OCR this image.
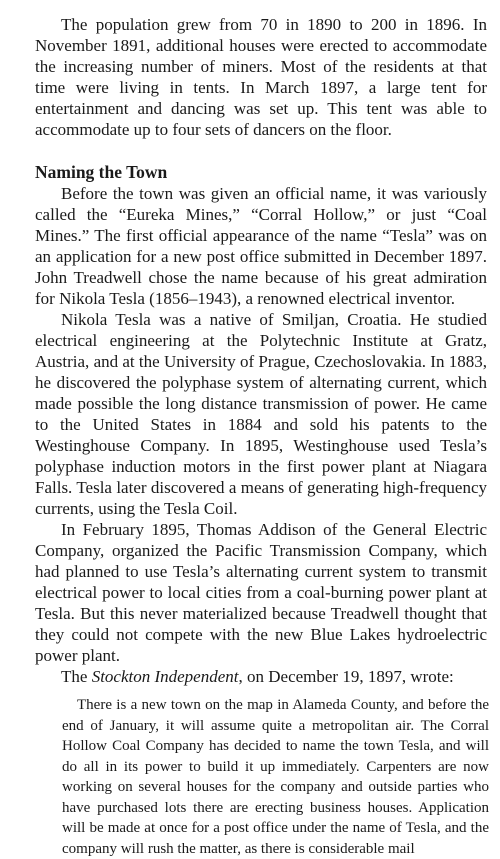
The population grew from 70 in 1890 to 200 in 1896. In November 1891, additional houses were erected to accommodate the increasing number of miners. Most of the residents at that time were living in tents. In March 1897, a large tent for entertainment and dancing was set up. This tent was able to accommodate up to four sets of dancers on the floor.

Naming the Town

Before the town was given an official name, it was variously called the “Eureka Mines,” “Corral Hollow,” or just “Coal Mines.” The first official appearance of the name “Tesla” was on an application for a new post office submitted in December 1897. John Treadwell chose the name because of his great admiration for Nikola Tesla (1856–1943), a renowned electrical inventor.

Nikola Tesla was a native of Smiljan, Croatia. He studied electrical engineering at the Polytechnic Institute at Gratz, Austria, and at the University of Prague, Czechoslovakia. In 1883, he discovered the polyphase system of alternating current, which made possible the long distance transmission of power. He came to the United States in 1884 and sold his patents to the Westinghouse Company. In 1895, Westinghouse used Tesla’s polyphase induction motors in the first power plant at Niagara Falls. Tesla later discovered a means of generating high-frequency currents, using the Tesla Coil.

In February 1895, Thomas Addison of the General Electric Company, organized the Pacific Transmission Company, which had planned to use Tesla’s alternating current system to transmit electrical power to local cities from a coal-burning power plant at Tesla. But this never materialized because Treadwell thought that they could not compete with the new Blue Lakes hydroelectric power plant.

The Stockton Independent, on December 19, 1897, wrote:

There is a new town on the map in Alameda County, and before the end of January, it will assume quite a metropolitan air. The Corral Hollow Coal Company has decided to name the town Tesla, and will do all in its power to build it up immediately. Carpenters are now working on several houses for the company and outside parties who have purchased lots there are erecting business houses. Application will be made at once for a post office under the name of Tesla, and the company will rush the matter, as there is considerable mail
